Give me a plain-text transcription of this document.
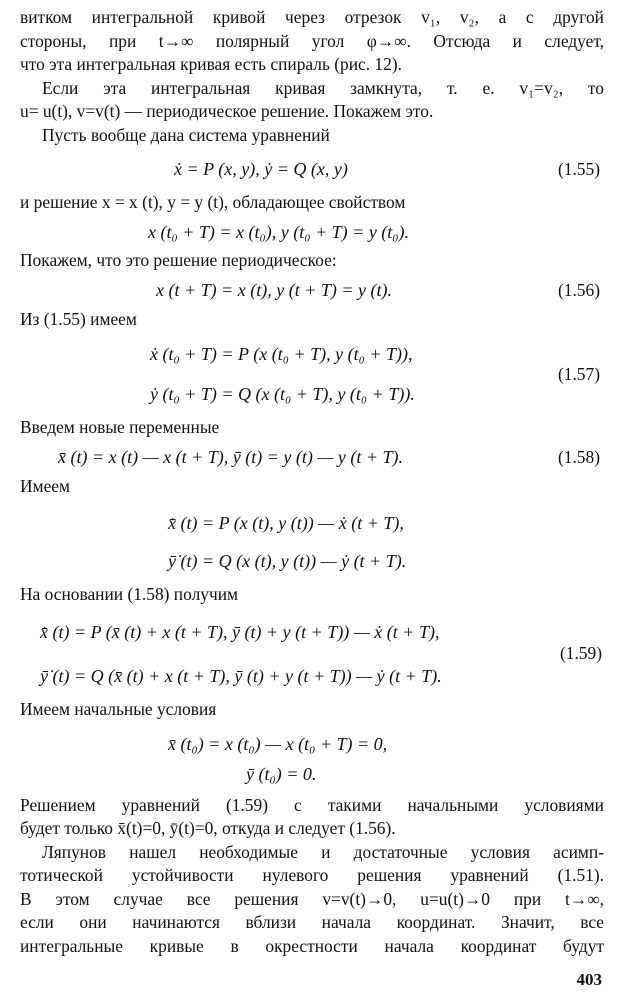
витком интегральной кривой через отрезок v₁, v₂, а с другой
стороны, при t→∞ полярный угол φ→∞. Отсюда и следует,
что эта интегральная кривая есть спираль (рис. 12).
Если эта интегральная кривая замкнута, т. е. v₁=v₂, то
u= u(t), v=v(t) — периодическое решение. Покажем это.
Пусть вообще дана система уравнений
ẋ = P (x, y), ẏ = Q (x, y)	(1.55)
и решение x = x (t), y = y (t), обладающее свойством
x (t₀ + T) = x (t₀), y (t₀ + T) = y (t₀).
Покажем, что это решение периодическое:
x (t + T) = x (t), y (t + T) = y (t).	(1.56)
Из (1.55) имеем
ẋ (t₀ + T) = P (x (t₀ + T), y (t₀ + T)),
ẏ (t₀ + T) = Q (x (t₀ + T), y (t₀ + T)).
(1.57)
Введем новые переменные
x̄ (t) = x (t) — x (t + T), ȳ (t) = y (t) — y (t + T).	(1.58)
Имеем
x̄̇ (t) = P (x (t), y (t)) — ẋ (t + T),
ȳ̇ (t) = Q (x (t), y (t)) — ẏ (t + T).
На основании (1.58) получим
x̄̇ (t) = P (x̄ (t) + x (t + T), ȳ (t) + y (t + T)) — ẋ (t + T),
ȳ̇ (t) = Q (x̄ (t) + x (t + T), ȳ (t) + y (t + T)) — ẏ (t + T).
(1.59)
Имеем начальные условия
x̄ (t₀) = x (t₀) — x (t₀ + T) = 0,
ȳ (t₀) = 0.
Решением уравнений (1.59) с такими начальными условиями
будет только x̄(t)=0, ȳ(t)=0, откуда и следует (1.56).
Ляпунов нашел необходимые и достаточные условия асимп-
тотической устойчивости нулевого решения уравнений (1.51).
В этом случае все решения v=v(t)→0, u=u(t)→0 при t→∞,
если они начинаются вблизи начала координат. Значит, все
интегральные кривые в окрестности начала координат будут
403
